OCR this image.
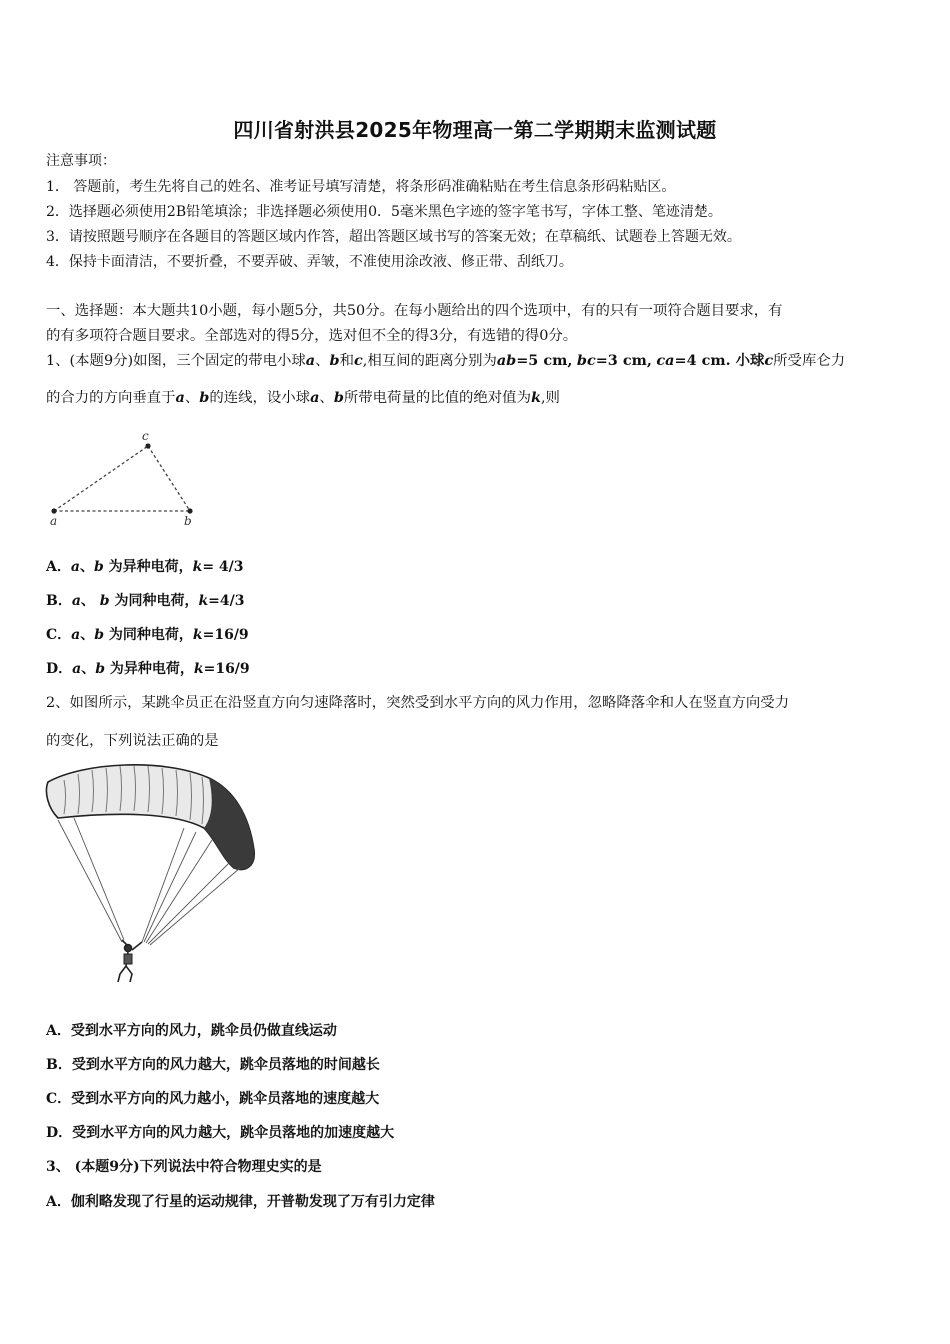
四川省射洪县2025年物理高一第二学期期末监测试题
注意事项：
1． 答题前，考生先将自己的姓名、准考证号填写清楚，将条形码准确粘贴在考生信息条形码粘贴区。
2．选择题必须使用2B铅笔填涂；非选择题必须使用0．5毫米黑色字迹的签字笔书写，字体工整、笔迹清楚。
3．请按照题号顺序在各题目的答题区域内作答，超出答题区域书写的答案无效；在草稿纸、试题卷上答题无效。
4．保持卡面清洁，不要折叠，不要弄破、弄皱，不准使用涂改液、修正带、刮纸刀。
一、选择题：本大题共10小题，每小题5分，共50分。在每小题给出的四个选项中，有的只有一项符合题目要求，有
的有多项符合题目要求。全部选对的得5分，选对但不全的得3分，有选错的得0分。
1、(本题9分)如图，三个固定的带电小球a、b和c,相互间的距离分别为ab=5 cm, bc=3 cm, ca=4 cm. 小球c所受库仑力
的合力的方向垂直于a、b的连线，设小球a、b所带电荷量的比值的绝对值为k,则
a	b
c
A．a、b 为异种电荷，k= 4/3
B．a、 b 为同种电荷，k=4/3
C．a、b 为同种电荷，k=16/9
D．a、b 为异种电荷，k=16/9
2、如图所示，某跳伞员正在沿竖直方向匀速降落时，突然受到水平方向的风力作用，忽略降落伞和人在竖直方向受力
的变化，下列说法正确的是
A．受到水平方向的风力，跳伞员仍做直线运动
B．受到水平方向的风力越大，跳伞员落地的时间越长
C．受到水平方向的风力越小，跳伞员落地的速度越大
D．受到水平方向的风力越大，跳伞员落地的加速度越大
3、 (本题9分)下列说法中符合物理史实的是
A．伽利略发现了行星的运动规律，开普勒发现了万有引力定律
